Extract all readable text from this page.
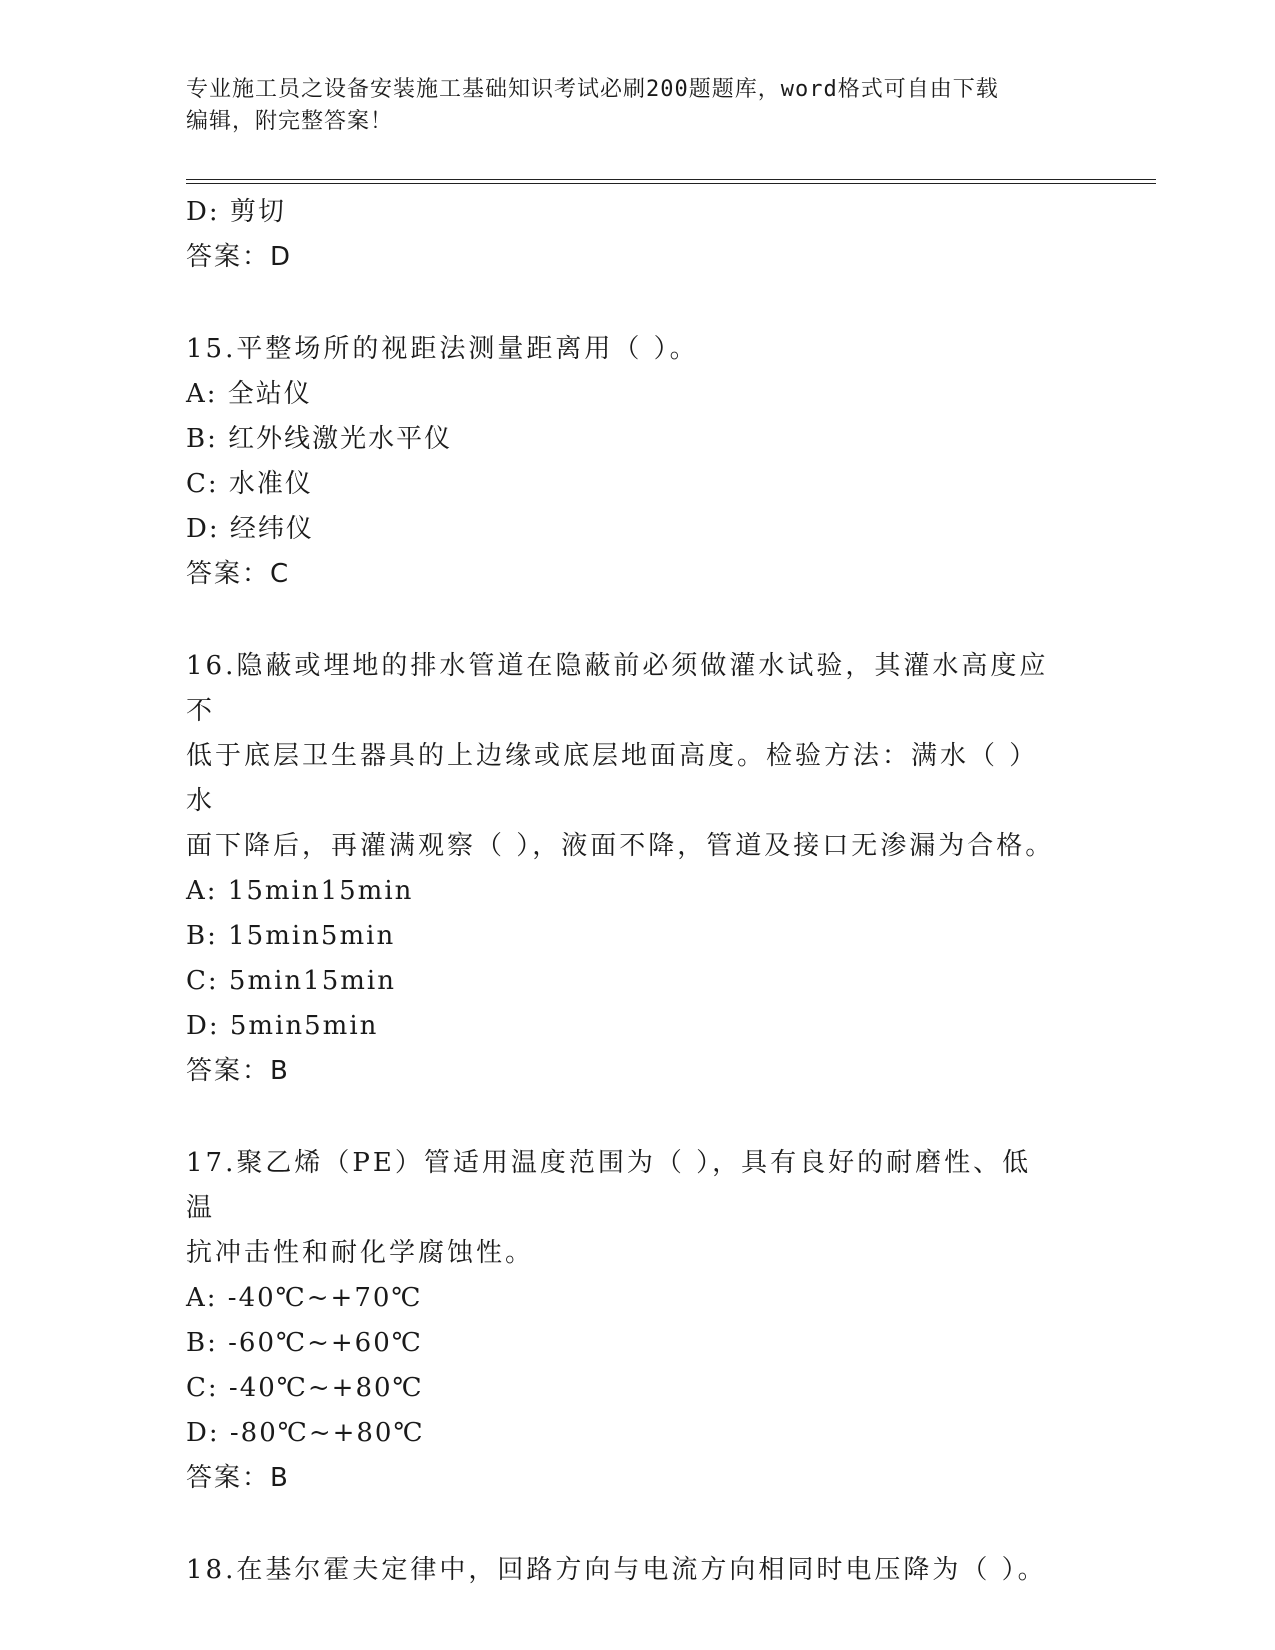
专业施工员之设备安装施工基础知识考试必刷200题题库，word格式可自由下载
编辑，附完整答案！
D: 剪切
答案：D
15.平整场所的视距法测量距离用（ ）。
A: 全站仪
B: 红外线激光水平仪
C: 水准仪
D: 经纬仪
答案：C
16.隐蔽或埋地的排水管道在隐蔽前必须做灌水试验，其灌水高度应不
低于底层卫生器具的上边缘或底层地面高度。检验方法：满水（ ）水
面下降后，再灌满观察（ ），液面不降，管道及接口无渗漏为合格。
A: 15min15min
B: 15min5min
C: 5min15min
D: 5min5min
答案：B
17.聚乙烯（PE）管适用温度范围为（ ），具有良好的耐磨性、低温
抗冲击性和耐化学腐蚀性。
A: -40℃~+70℃
B: -60℃~+60℃
C: -40℃~+80℃
D: -80℃~+80℃
答案：B
18.在基尔霍夫定律中，回路方向与电流方向相同时电压降为（ ）。
